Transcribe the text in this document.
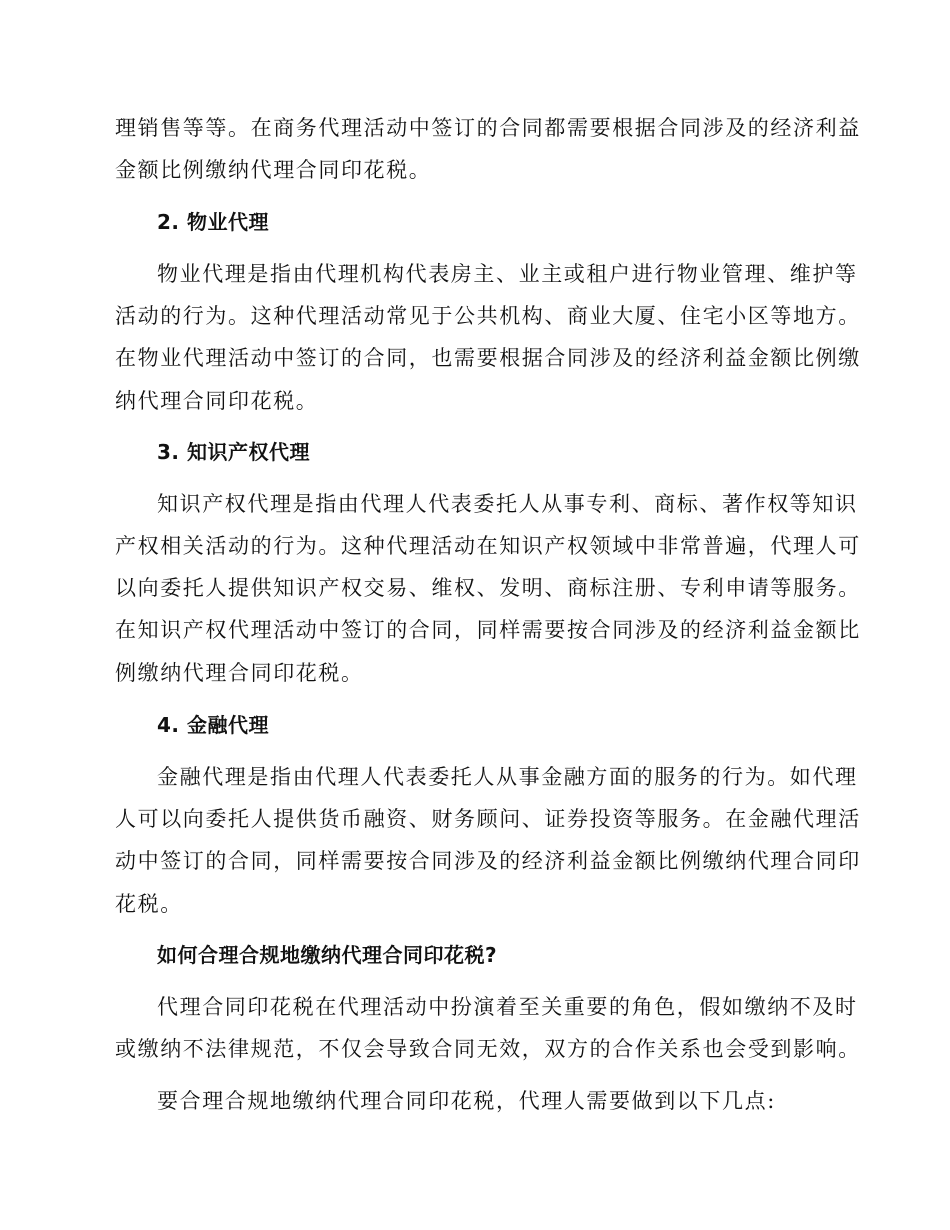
理销售等等。在商务代理活动中签订的合同都需要根据合同涉及的经济利益
金额比例缴纳代理合同印花税。
2. 物业代理
物业代理是指由代理机构代表房主、业主或租户进行物业管理、维护等
活动的行为。这种代理活动常见于公共机构、商业大厦、住宅小区等地方。
在物业代理活动中签订的合同，也需要根据合同涉及的经济利益金额比例缴
纳代理合同印花税。
3. 知识产权代理
知识产权代理是指由代理人代表委托人从事专利、商标、著作权等知识
产权相关活动的行为。这种代理活动在知识产权领域中非常普遍，代理人可
以向委托人提供知识产权交易、维权、发明、商标注册、专利申请等服务。
在知识产权代理活动中签订的合同，同样需要按合同涉及的经济利益金额比
例缴纳代理合同印花税。
4. 金融代理
金融代理是指由代理人代表委托人从事金融方面的服务的行为。如代理
人可以向委托人提供货币融资、财务顾问、证券投资等服务。在金融代理活
动中签订的合同，同样需要按合同涉及的经济利益金额比例缴纳代理合同印
花税。
如何合理合规地缴纳代理合同印花税?
代理合同印花税在代理活动中扮演着至关重要的角色，假如缴纳不及时
或缴纳不法律规范，不仅会导致合同无效，双方的合作关系也会受到影响。
要合理合规地缴纳代理合同印花税，代理人需要做到以下几点:
